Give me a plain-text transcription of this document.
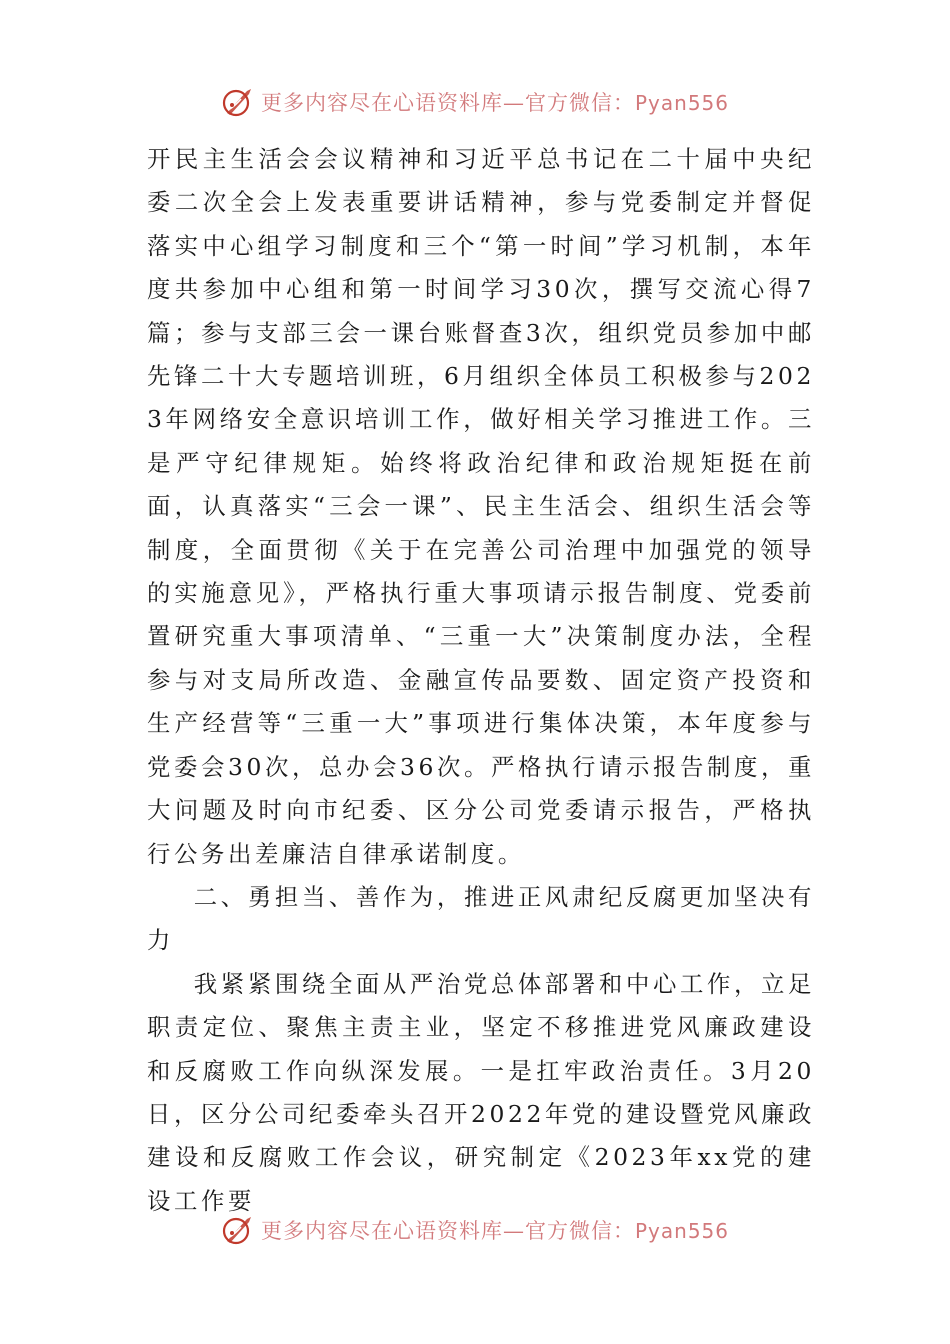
更多内容尽在心语资料库—官方微信：Pyan556

开民主生活会会议精神和习近平总书记在二十届中央纪委二次全会上发表重要讲话精神，参与党委制定并督促落实中心组学习制度和三个“第一时间”学习机制，本年度共参加中心组和第一时间学习30次，撰写交流心得7篇；参与支部三会一课台账督查3次，组织党员参加中邮先锋二十大专题培训班，6月组织全体员工积极参与2023年网络安全意识培训工作，做好相关学习推进工作。三是严守纪律规矩。始终将政治纪律和政治规矩挺在前面，认真落实“三会一课”、民主生活会、组织生活会等制度，全面贯彻《关于在完善公司治理中加强党的领导的实施意见》，严格执行重大事项请示报告制度、党委前置研究重大事项清单、“三重一大”决策制度办法，全程参与对支局所改造、金融宣传品要数、固定资产投资和生产经营等“三重一大”事项进行集体决策，本年度参与党委会30次，总办会36次。严格执行请示报告制度，重大问题及时向市纪委、区分公司党委请示报告，严格执行公务出差廉洁自律承诺制度。

二、勇担当、善作为，推进正风肃纪反腐更加坚决有力

我紧紧围绕全面从严治党总体部署和中心工作，立足职责定位、聚焦主责主业，坚定不移推进党风廉政建设和反腐败工作向纵深发展。一是扛牢政治责任。3月20日，区分公司纪委牵头召开2022年党的建设暨党风廉政建设和反腐败工作会议，研究制定《2023年xx党的建设工作要

更多内容尽在心语资料库—官方微信：Pyan556
